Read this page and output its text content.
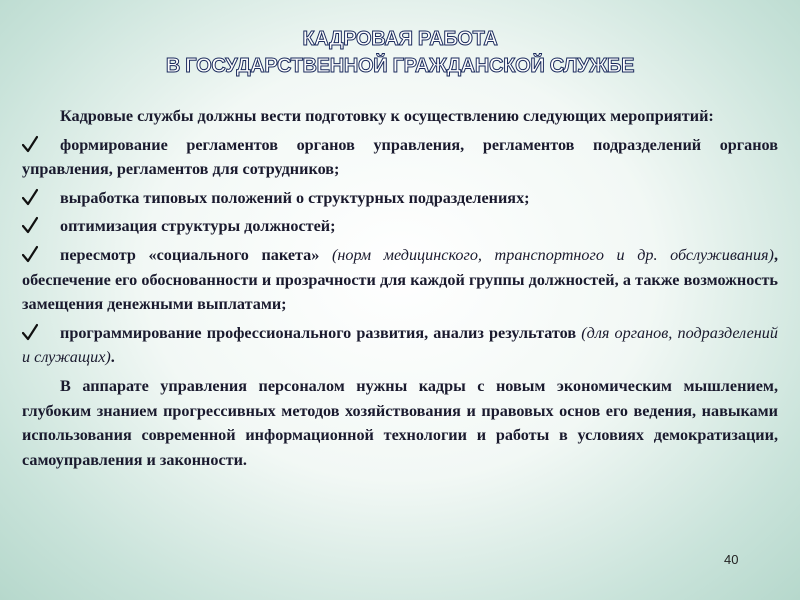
КАДРОВАЯ РАБОТА
В ГОСУДАРСТВЕННОЙ ГРАЖДАНСКОЙ СЛУЖБЕ

Кадровые службы должны вести подготовку к осуществлению следующих мероприятий:

формирование регламентов органов управления, регламентов подразделений органов управления, регламентов для сотрудников;

выработка типовых положений о структурных подразделениях;

оптимизация структуры должностей;

пересмотр «социального пакета» (норм медицинского, транспортного и др. обслуживания), обеспечение его обоснованности и прозрачности для каждой группы должностей, а также возможность замещения денежными выплатами;

программирование профессионального развития, анализ результатов (для органов, подразделений и служащих).

В аппарате управления персоналом нужны кадры с новым экономическим мышлением, глубоким знанием прогрессивных методов хозяйствования и правовых основ его ведения, навыками использования современной информационной технологии и работы в условиях демократизации, самоуправления и законности.

40
